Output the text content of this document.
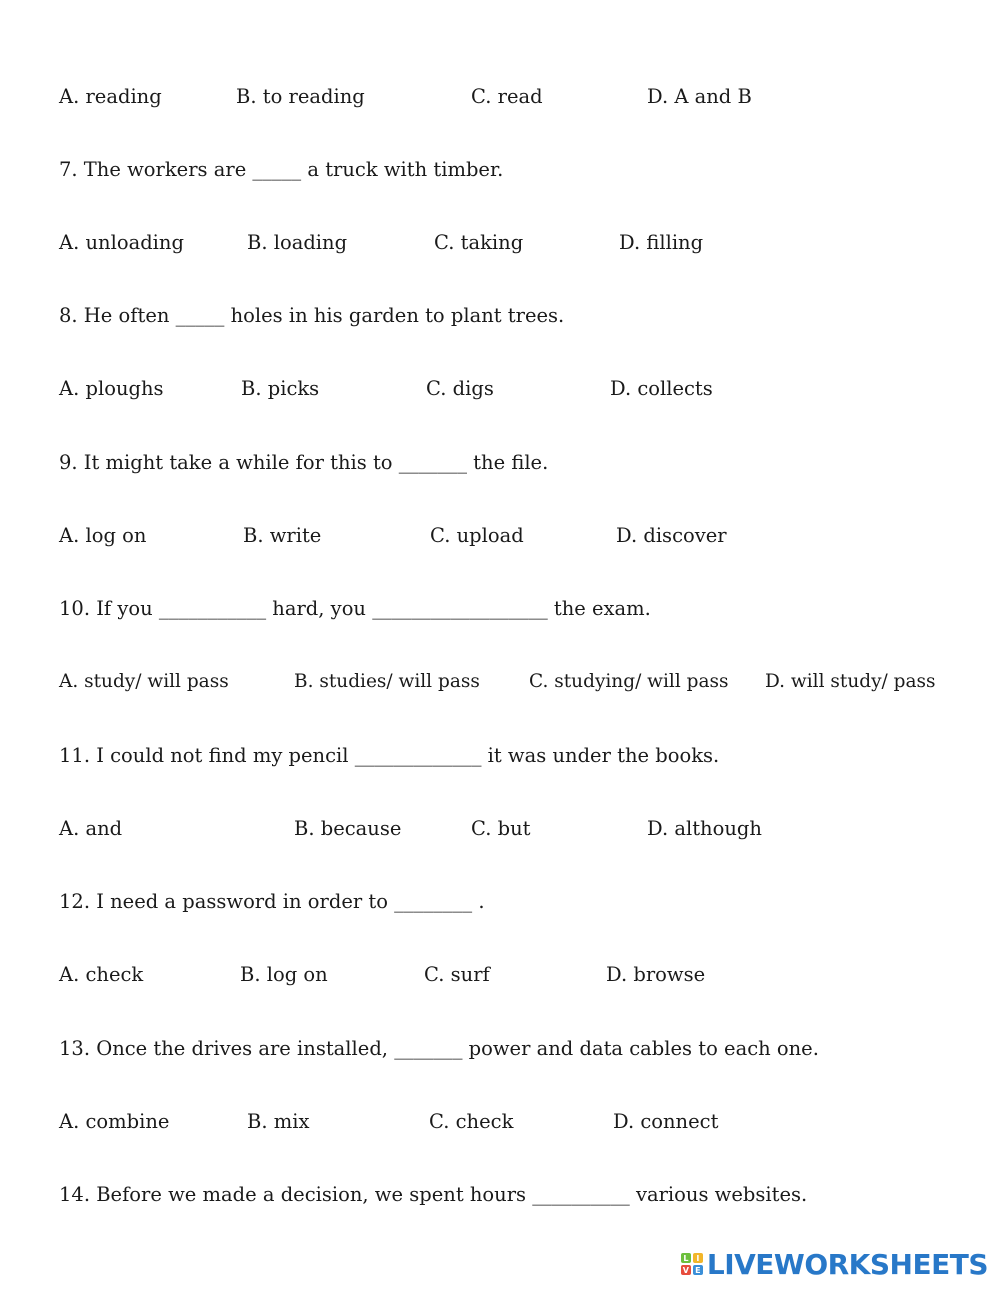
A. reading	B. to reading	C. read	D. A and B
7. The workers are _____ a truck with timber.
A. unloading	B. loading	C. taking	D. filling
8. He often _____ holes in his garden to plant trees.
A. ploughs	B. picks	C. digs	D. collects
9. It might take a while for this to _______ the file.
A. log on	B. write	C. upload	D. discover
10. If you ___________ hard, you __________________ the exam.
A. study/ will pass	B. studies/ will pass	C. studying/ will pass D. will study/ pass
11. I could not find my pencil _____________ it was under the books.
A. and	B. because	C. but	D. although
12. I need a password in order to ________ .
A. check	B. log on	C. surf	D. browse
13. Once the drives are installed, _______ power and data cables to each one.
A. combine	B. mix	C. check	D. connect
14. Before we made a decision, we spent hours __________ various websites.
L I
V E LIVEWORKSHEETS
